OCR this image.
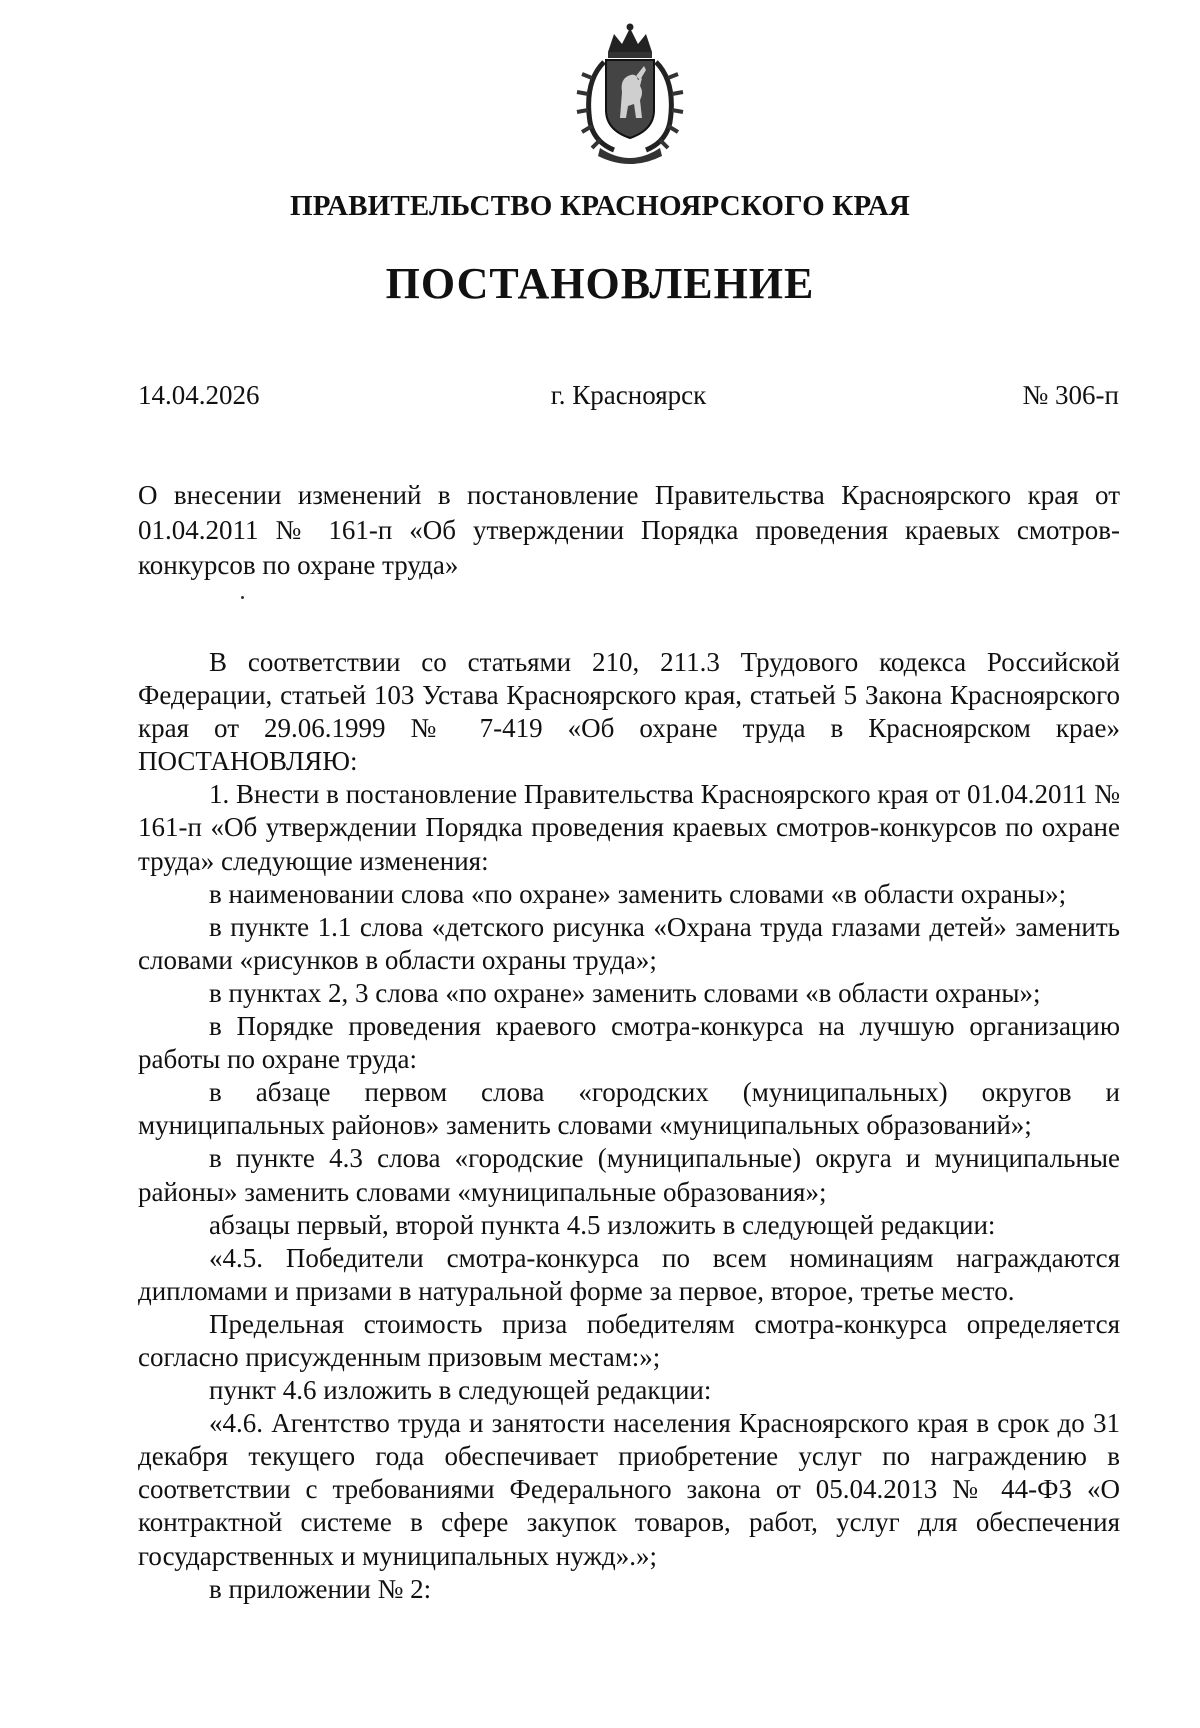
ПРАВИТЕЛЬСТВО КРАСНОЯРСКОГО КРАЯ
ПОСТАНОВЛЕНИЕ
14.04.2026	г. Красноярск	№ 306-п
О внесении изменений в постановление Правительства Красноярского края от 01.04.2011 № 161-п «Об утверждении Порядка проведения краевых смотров-конкурсов по охране труда»

В соответствии со статьями 210, 211.3 Трудового кодекса Российской Федерации, статьей 103 Устава Красноярского края, статьей 5 Закона Красноярского края от 29.06.1999 № 7-419 «Об охране труда в Красноярском крае» ПОСТАНОВЛЯЮ:

1. Внести в постановление Правительства Красноярского края от 01.04.2011 № 161-п «Об утверждении Порядка проведения краевых смотров-конкурсов по охране труда» следующие изменения:

в наименовании слова «по охране» заменить словами «в области охраны»;

в пункте 1.1 слова «детского рисунка «Охрана труда глазами детей» заменить словами «рисунков в области охраны труда»;

в пунктах 2, 3 слова «по охране» заменить словами «в области охраны»;

в Порядке проведения краевого смотра-конкурса на лучшую организацию работы по охране труда:

в абзаце первом слова «городских (муниципальных) округов и муниципальных районов» заменить словами «муниципальных образований»;

в пункте 4.3 слова «городские (муниципальные) округа и муниципальные районы» заменить словами «муниципальные образования»;

абзацы первый, второй пункта 4.5 изложить в следующей редакции:

«4.5. Победители смотра-конкурса по всем номинациям награждаются дипломами и призами в натуральной форме за первое, второе, третье место.

Предельная стоимость приза победителям смотра-конкурса определяется согласно присужденным призовым местам:»;

пункт 4.6 изложить в следующей редакции:

«4.6. Агентство труда и занятости населения Красноярского края в срок до 31 декабря текущего года обеспечивает приобретение услуг по награждению в соответствии с требованиями Федерального закона от 05.04.2013 № 44-ФЗ «О контрактной системе в сфере закупок товаров, работ, услуг для обеспечения государственных и муниципальных нужд».»;

в приложении № 2:
